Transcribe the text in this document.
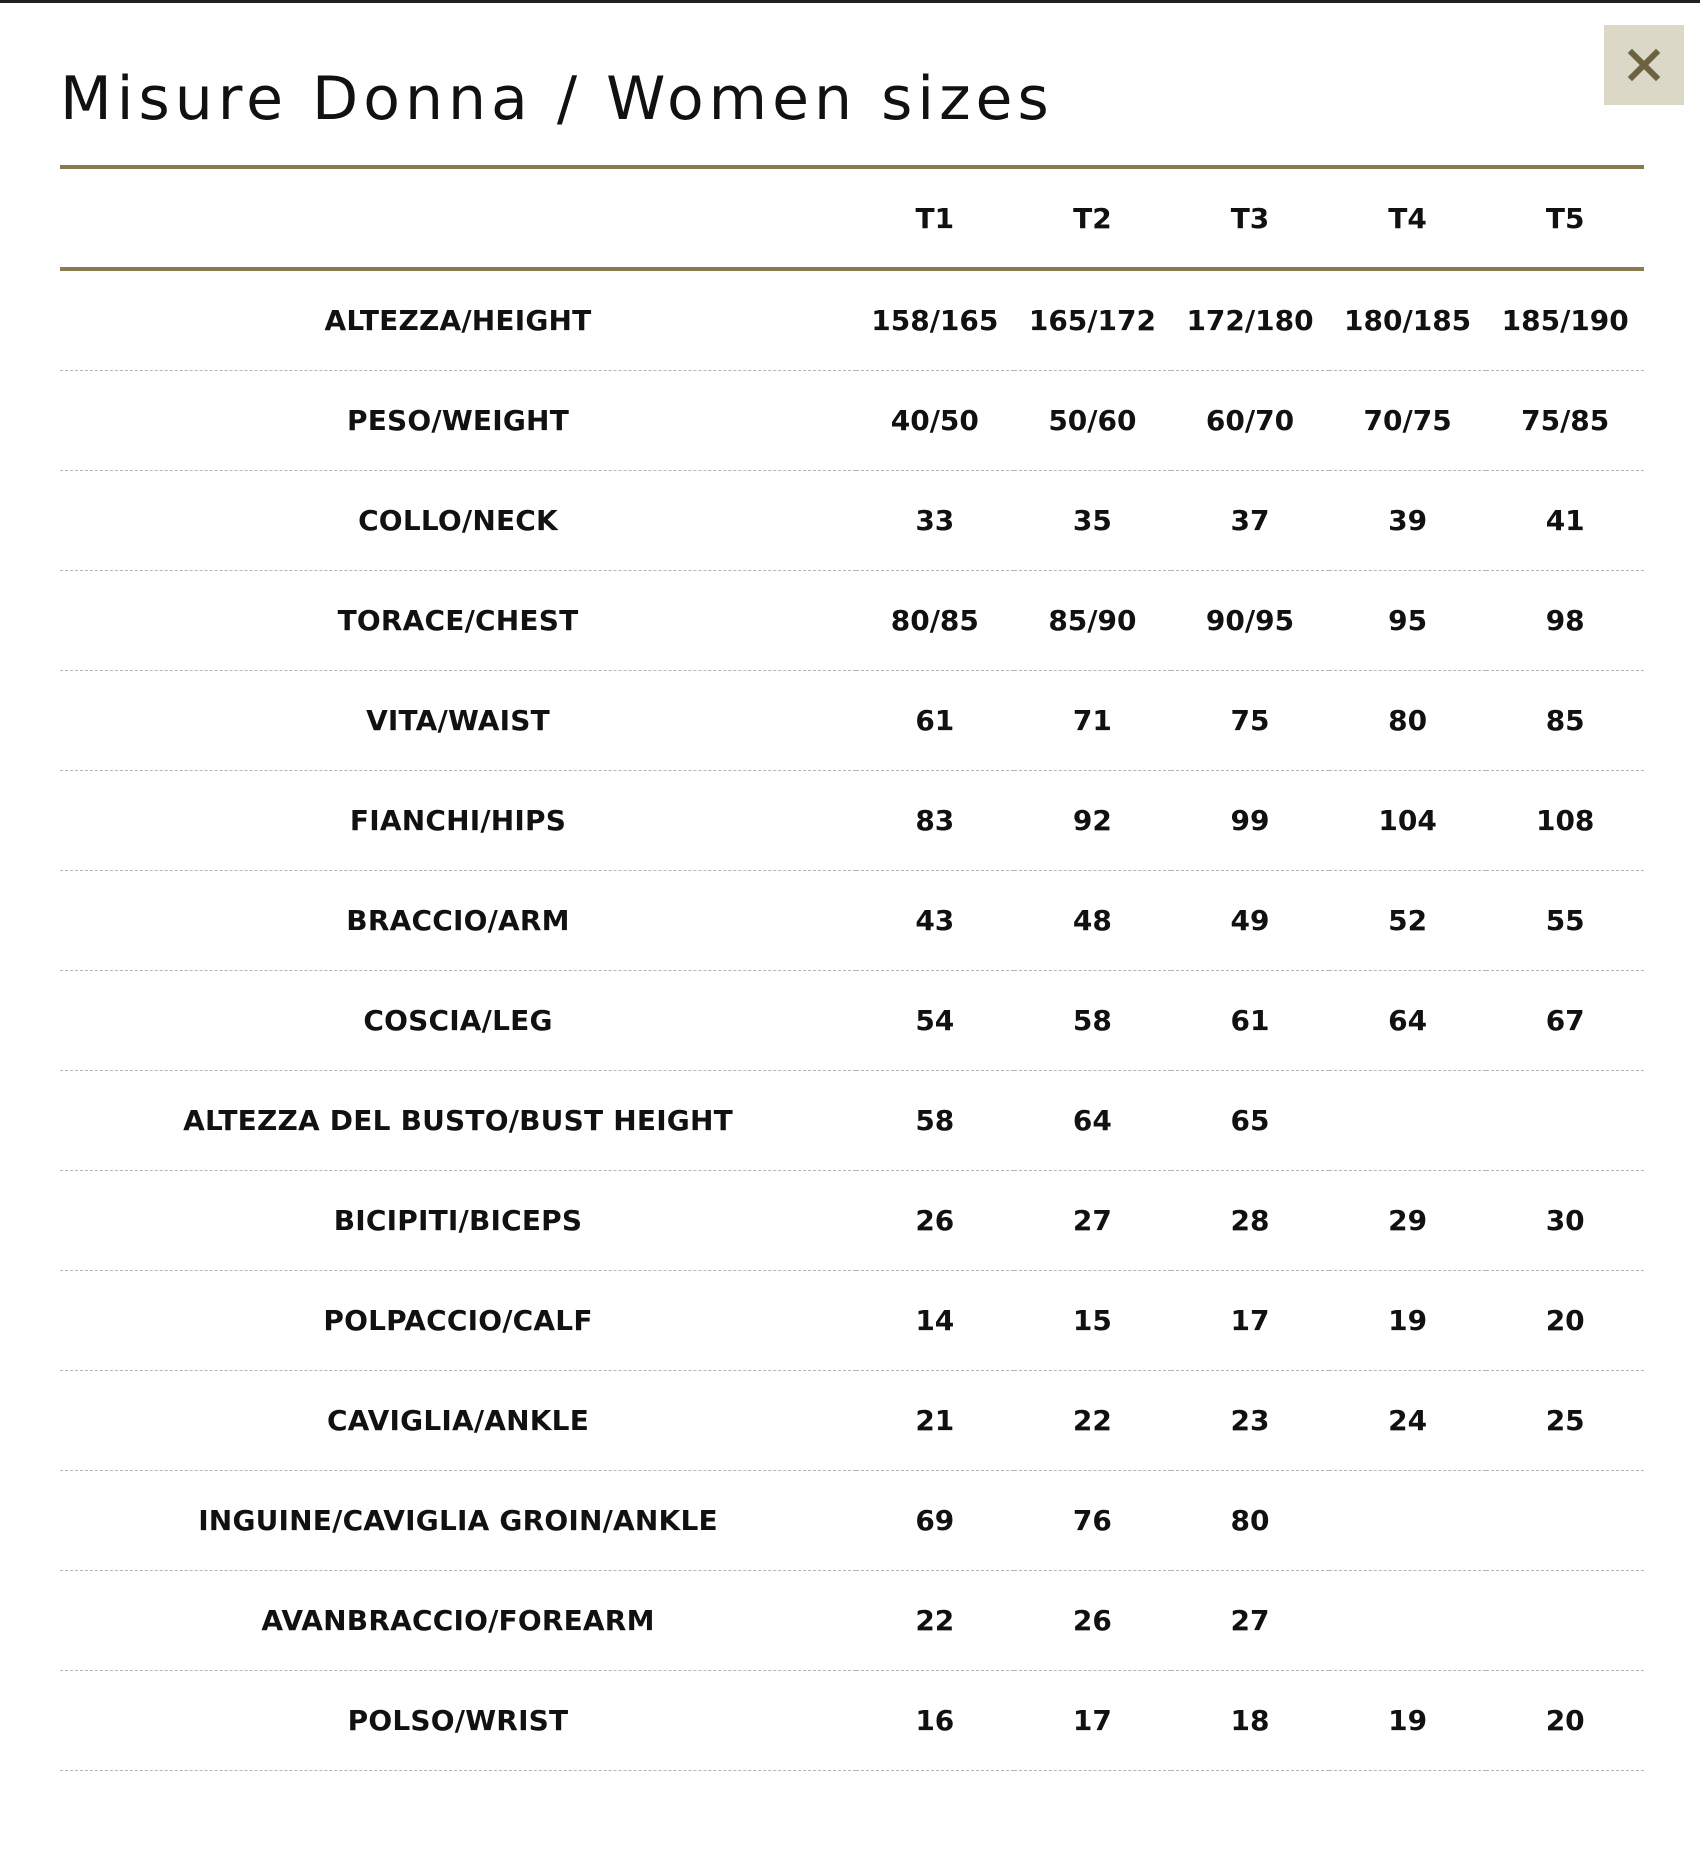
Misure Donna / Women sizes
	T1	T2	T3	T4	T5
ALTEZZA/HEIGHT	158/165	165/172	172/180	180/185	185/190
PESO/WEIGHT	40/50	50/60	60/70	70/75	75/85
COLLO/NECK	33	35	37	39	41
TORACE/CHEST	80/85	85/90	90/95	95	98
VITA/WAIST	61	71	75	80	85
FIANCHI/HIPS	83	92	99	104	108
BRACCIO/ARM	43	48	49	52	55
COSCIA/LEG	54	58	61	64	67
ALTEZZA DEL BUSTO/BUST HEIGHT	58	64	65		
BICIPITI/BICEPS	26	27	28	29	30
POLPACCIO/CALF	14	15	17	19	20
CAVIGLIA/ANKLE	21	22	23	24	25
INGUINE/CAVIGLIA GROIN/ANKLE	69	76	80		
AVANBRACCIO/FOREARM	22	26	27		
POLSO/WRIST	16	17	18	19	20
